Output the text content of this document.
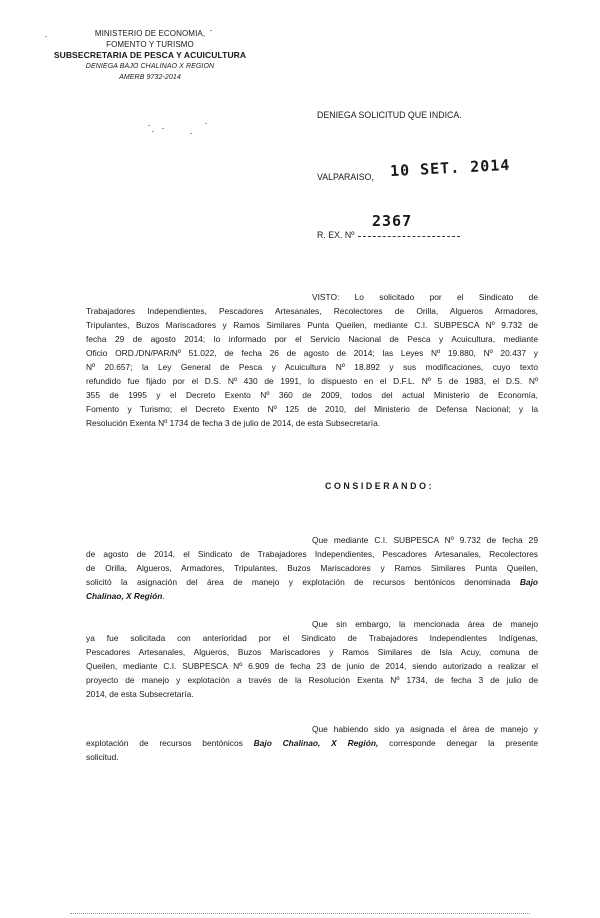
MINISTERIO DE ECONOMIA,
FOMENTO Y TURISMO
SUBSECRETARIA DE PESCA Y ACUICULTURA
DENIEGA BAJO CHALINAO X REGION
AMERB 9732-2014
DENIEGA SOLICITUD QUE INDICA.
VALPARAISO, 10 SET. 2014
R. EX. Nº
2367
VISTO: Lo solicitado por el Sindicato de
Trabajadores Independientes, Pescadores Artesanales, Recolectores de Orilla, Algueros Armadores,
Tripulantes, Buzos Mariscadores y Ramos Similares Punta Queilen, mediante C.I. SUBPESCA Nº 9.732 de
fecha 29 de agosto 2014; lo informado por el Servicio Nacional de Pesca y Acuicultura, mediante
Oficio ORD./DN/PAR/Nº 51.022, de fecha 26 de agosto de 2014; las Leyes Nº 19.880, Nº 20.437 y
Nº 20.657; la Ley General de Pesca y Acuicultura Nº 18.892 y sus modificaciones, cuyo texto
refundido fue fijado por el D.S. Nº 430 de 1991, lo dispuesto en el D.F.L. Nº 5 de 1983, el D.S. Nº
355 de 1995 y el Decreto Exento Nº 360 de 2009, todos del actual Ministerio de Economía,
Fomento y Turismo; el Decreto Exento Nº 125 de 2010, del Ministerio de Defensa Nacional; y la
Resolución Exenta Nº 1734 de fecha 3 de julio de 2014, de esta Subsecretaría.
CONSIDERANDO:
Que mediante C.I. SUBPESCA Nº 9.732 de fecha 29
de agosto de 2014, el Sindicato de Trabajadores Independientes, Pescadores Artesanales, Recolectores
de Orilla, Algueros, Armadores, Tripulantes, Buzos Mariscadores y Ramos Similares Punta Queilen,
solicitó la asignación del área de manejo y explotación de recursos bentónicos denominada Bajo
Chalinao, X Región.
Que sin embargo, la mencionada área de manejo
ya fue solicitada con anterioridad por el Sindicato de Trabajadores Independientes Indígenas,
Pescadores Artesanales, Algueros, Buzos Mariscadores y Ramos Similares de Isla Acuy, comuna de
Queilen, mediante C.I. SUBPESCA Nº 6.909 de fecha 23 de junio de 2014, siendo autorizado a realizar el
proyecto de manejo y explotación a través de la Resolución Exenta Nº 1734, de fecha 3 de julio de
2014, de esta Subsecretaría.
Que habiendo sido ya asignada el área de manejo y
explotación de recursos bentónicos Bajo Chalinao, X Región, corresponde denegar la presente
solicitud.
